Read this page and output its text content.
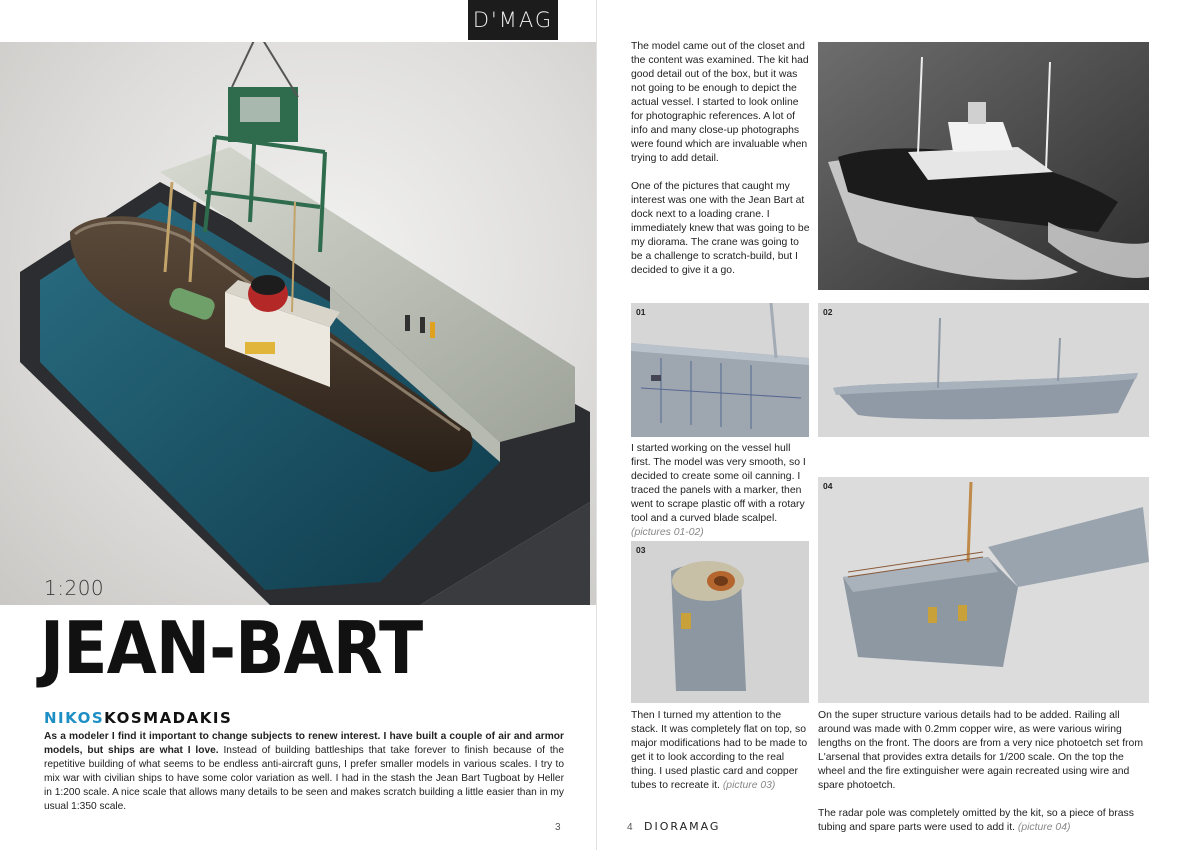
D'MAG
1:200
JEAN-BART
NIKOSKOSMADAKIS
As a modeler I find it important to change subjects to renew interest. I have built a couple of air and armor models, but ships are what I love. Instead of building battleships that take forever to finish because of the repetitive building of what seems to be endless anti-aircraft guns, I prefer smaller models in various scales. I try to mix war with civilian ships to have some color variation as well. I had in the stash the Jean Bart Tugboat by Heller in 1:200 scale. A nice scale that allows many details to be seen and makes scratch building a little easier than in my usual 1:350 scale.
3

The model came out of the closet and the content was examined. The kit had good detail out of the box, but it was not going to be enough to depict the actual vessel. I started to look online for photographic references. A lot of info and many close-up photographs were found which are invaluable when trying to add detail.

One of the pictures that caught my interest was one with the Jean Bart at dock next to a loading crane. I immediately knew that was going to be my diorama. The crane was going to be a challenge to scratch-build, but I decided to give it a go.

01	02

I started working on the vessel hull first. The model was very smooth, so I decided to create some oil canning. I traced the panels with a marker, then went to scrape plastic off with a rotary tool and a curved blade scalpel.
(pictures 01-02)

03

Then I turned my attention to the stack. It was completely flat on top, so major modifications had to be made to get it to look according to the real thing. I used plastic card and copper tubes to recreate it. (picture 03)

04

On the super structure various details had to be added. Railing all around was made with 0.2mm copper wire, as were various wiring lengths on the front. The doors are from a very nice photoetch set from L'arsenal that provides extra details for 1/200 scale. On the top the wheel and the fire extinguisher were again recreated using wire and spare photoetch.

The radar pole was completely omitted by the kit, so a piece of brass tubing and spare parts were used to add it. (picture 04)

4 DIORAMAG
